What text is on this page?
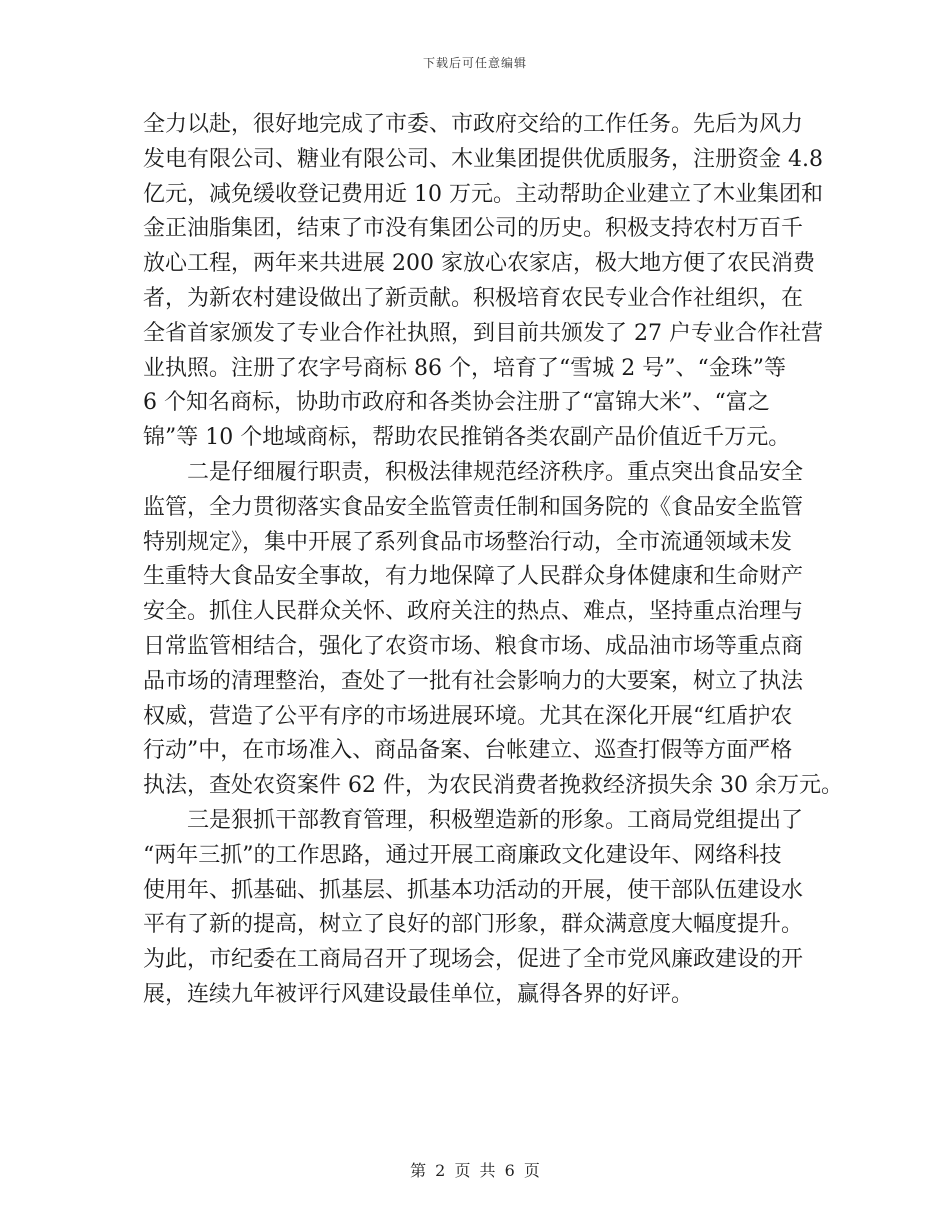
下载后可任意编辑
全力以赴，很好地完成了市委、市政府交给的工作任务。先后为风力
发电有限公司、糖业有限公司、木业集团提供优质服务，注册资金 4.8
亿元，减免缓收登记费用近 10 万元。主动帮助企业建立了木业集团和
金正油脂集团，结束了市没有集团公司的历史。积极支持农村万百千
放心工程，两年来共进展 200 家放心农家店，极大地方便了农民消费
者，为新农村建设做出了新贡献。积极培育农民专业合作社组织，在
全省首家颁发了专业合作社执照，到目前共颁发了 27 户专业合作社营
业执照。注册了农字号商标 86 个，培育了“雪城 2 号”、“金珠”等
6 个知名商标，协助市政府和各类协会注册了“富锦大米”、“富之
锦”等 10 个地域商标，帮助农民推销各类农副产品价值近千万元。
二是仔细履行职责，积极法律规范经济秩序。重点突出食品安全
监管，全力贯彻落实食品安全监管责任制和国务院的《食品安全监管
特别规定》，集中开展了系列食品市场整治行动，全市流通领域未发
生重特大食品安全事故，有力地保障了人民群众身体健康和生命财产
安全。抓住人民群众关怀、政府关注的热点、难点，坚持重点治理与
日常监管相结合，强化了农资市场、粮食市场、成品油市场等重点商
品市场的清理整治，查处了一批有社会影响力的大要案，树立了执法
权威，营造了公平有序的市场进展环境。尤其在深化开展“红盾护农
行动”中，在市场准入、商品备案、台帐建立、巡查打假等方面严格
执法，查处农资案件 62 件，为农民消费者挽救经济损失余 30 余万元。
三是狠抓干部教育管理，积极塑造新的形象。工商局党组提出了
“两年三抓”的工作思路，通过开展工商廉政文化建设年、网络科技
使用年、抓基础、抓基层、抓基本功活动的开展，使干部队伍建设水
平有了新的提高，树立了良好的部门形象，群众满意度大幅度提升。
为此，市纪委在工商局召开了现场会，促进了全市党风廉政建设的开
展，连续九年被评行风建设最佳单位，赢得各界的好评。
第 2 页 共 6 页
